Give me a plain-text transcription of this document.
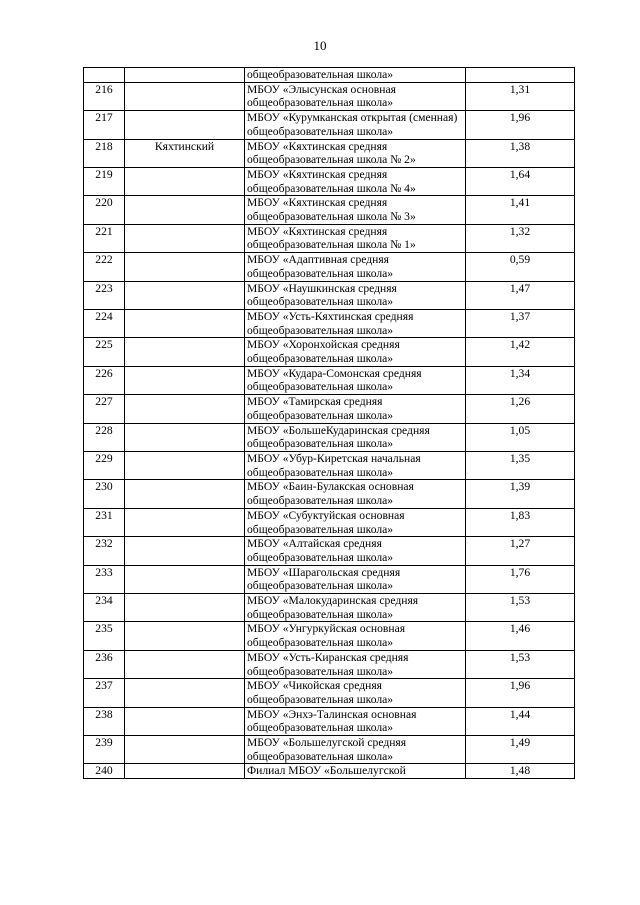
10
		общеобразовательная школа»	
216		МБОУ «Элысунская основная общеобразовательная школа»	1,31
217		МБОУ «Курумканская открытая (сменная) общеобразовательная школа»	1,96
218	Кяхтинский	МБОУ «Кяхтинская средняя общеобразовательная школа № 2»	1,38
219		МБОУ «Кяхтинская средняя общеобразовательная школа № 4»	1,64
220		МБОУ «Кяхтинская средняя общеобразовательная школа № 3»	1,41
221		МБОУ «Кяхтинская средняя общеобразовательная школа № 1»	1,32
222		МБОУ «Адаптивная средняя общеобразовательная школа»	0,59
223		МБОУ «Наушкинская средняя общеобразовательная школа»	1,47
224		МБОУ «Усть-Кяхтинская средняя общеобразовательная школа»	1,37
225		МБОУ «Хоронхойская средняя общеобразовательная школа»	1,42
226		МБОУ «Кудара-Сомонская средняя общеобразовательная школа»	1,34
227		МБОУ «Тамирская средняя общеобразовательная школа»	1,26
228		МБОУ «БольшеКударинская средняя общеобразовательная школа»	1,05
229		МБОУ «Убур-Киретская начальная общеобразовательная школа»	1,35
230		МБОУ «Баин-Булакская основная общеобразовательная школа»	1,39
231		МБОУ «Субуктуйская основная общеобразовательная школа»	1,83
232		МБОУ «Алтайская средняя общеобразовательная школа»	1,27
233		МБОУ «Шарагольская средняя общеобразовательная школа»	1,76
234		МБОУ «Малокударинская средняя общеобразовательная школа»	1,53
235		МБОУ «Унгуркуйская основная общеобразовательная школа»	1,46
236		МБОУ «Усть-Киранская средняя общеобразовательная школа»	1,53
237		МБОУ «Чикойская средняя общеобразовательная школа»	1,96
238		МБОУ «Энхэ-Талинская основная общеобразовательная школа»	1,44
239		МБОУ «Большелугской средняя общеобразовательная школа»	1,49
240		Филиал МБОУ «Большелугской	1,48
